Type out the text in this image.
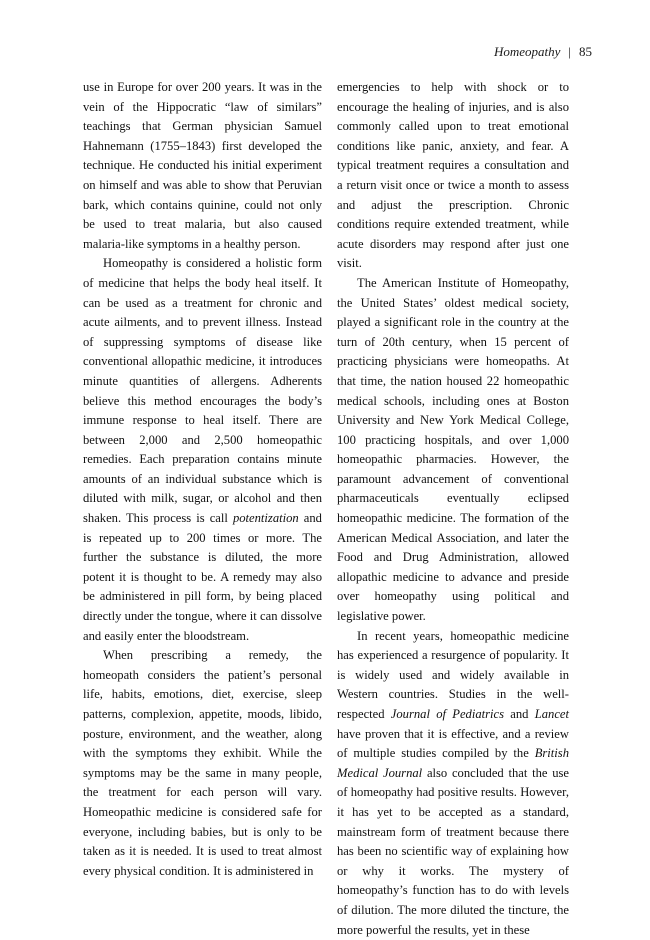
Homeopathy | 85

use in Europe for over 200 years. It was in the vein of the Hippocratic “law of similars” teachings that German physician Samuel Hahnemann (1755–1843) first developed the technique. He conducted his initial experiment on himself and was able to show that Peruvian bark, which contains quinine, could not only be used to treat malaria, but also caused malaria-like symptoms in a healthy person.

Homeopathy is considered a holistic form of medicine that helps the body heal itself. It can be used as a treatment for chronic and acute ailments, and to prevent illness. Instead of suppressing symptoms of disease like conventional allopathic medicine, it introduces minute quantities of allergens. Adherents believe this method encourages the body’s immune response to heal itself. There are between 2,000 and 2,500 homeopathic remedies. Each preparation contains minute amounts of an individual substance which is diluted with milk, sugar, or alcohol and then shaken. This process is call potentization and is repeated up to 200 times or more. The further the substance is diluted, the more potent it is thought to be. A remedy may also be administered in pill form, by being placed directly under the tongue, where it can dissolve and easily enter the bloodstream.

When prescribing a remedy, the homeopath considers the patient’s personal life, habits, emotions, diet, exercise, sleep patterns, complexion, appetite, moods, libido, posture, environment, and the weather, along with the symptoms they exhibit. While the symptoms may be the same in many people, the treatment for each person will vary. Homeopathic medicine is considered safe for everyone, including babies, but is only to be taken as it is needed. It is used to treat almost every physical condition. It is administered in

emergencies to help with shock or to encourage the healing of injuries, and is also commonly called upon to treat emotional conditions like panic, anxiety, and fear. A typical treatment requires a consultation and a return visit once or twice a month to assess and adjust the prescription. Chronic conditions require extended treatment, while acute disorders may respond after just one visit.

The American Institute of Homeopathy, the United States’ oldest medical society, played a significant role in the country at the turn of 20th century, when 15 percent of practicing physicians were homeopaths. At that time, the nation housed 22 homeopathic medical schools, including ones at Boston University and New York Medical College, 100 practicing hospitals, and over 1,000 homeopathic pharmacies. However, the paramount advancement of conventional pharmaceuticals eventually eclipsed homeopathic medicine. The formation of the American Medical Association, and later the Food and Drug Administration, allowed allopathic medicine to advance and preside over homeopathy using political and legislative power.

In recent years, homeopathic medicine has experienced a resurgence of popularity. It is widely used and widely available in Western countries. Studies in the well-respected Journal of Pediatrics and Lancet have proven that it is effective, and a review of multiple studies compiled by the British Medical Journal also concluded that the use of homeopathy had positive results. However, it has yet to be accepted as a standard, mainstream form of treatment because there has been no scientific way of explaining how or why it works. The mystery of homeopathy’s function has to do with levels of dilution. The more diluted the tincture, the more powerful the results, yet in these
